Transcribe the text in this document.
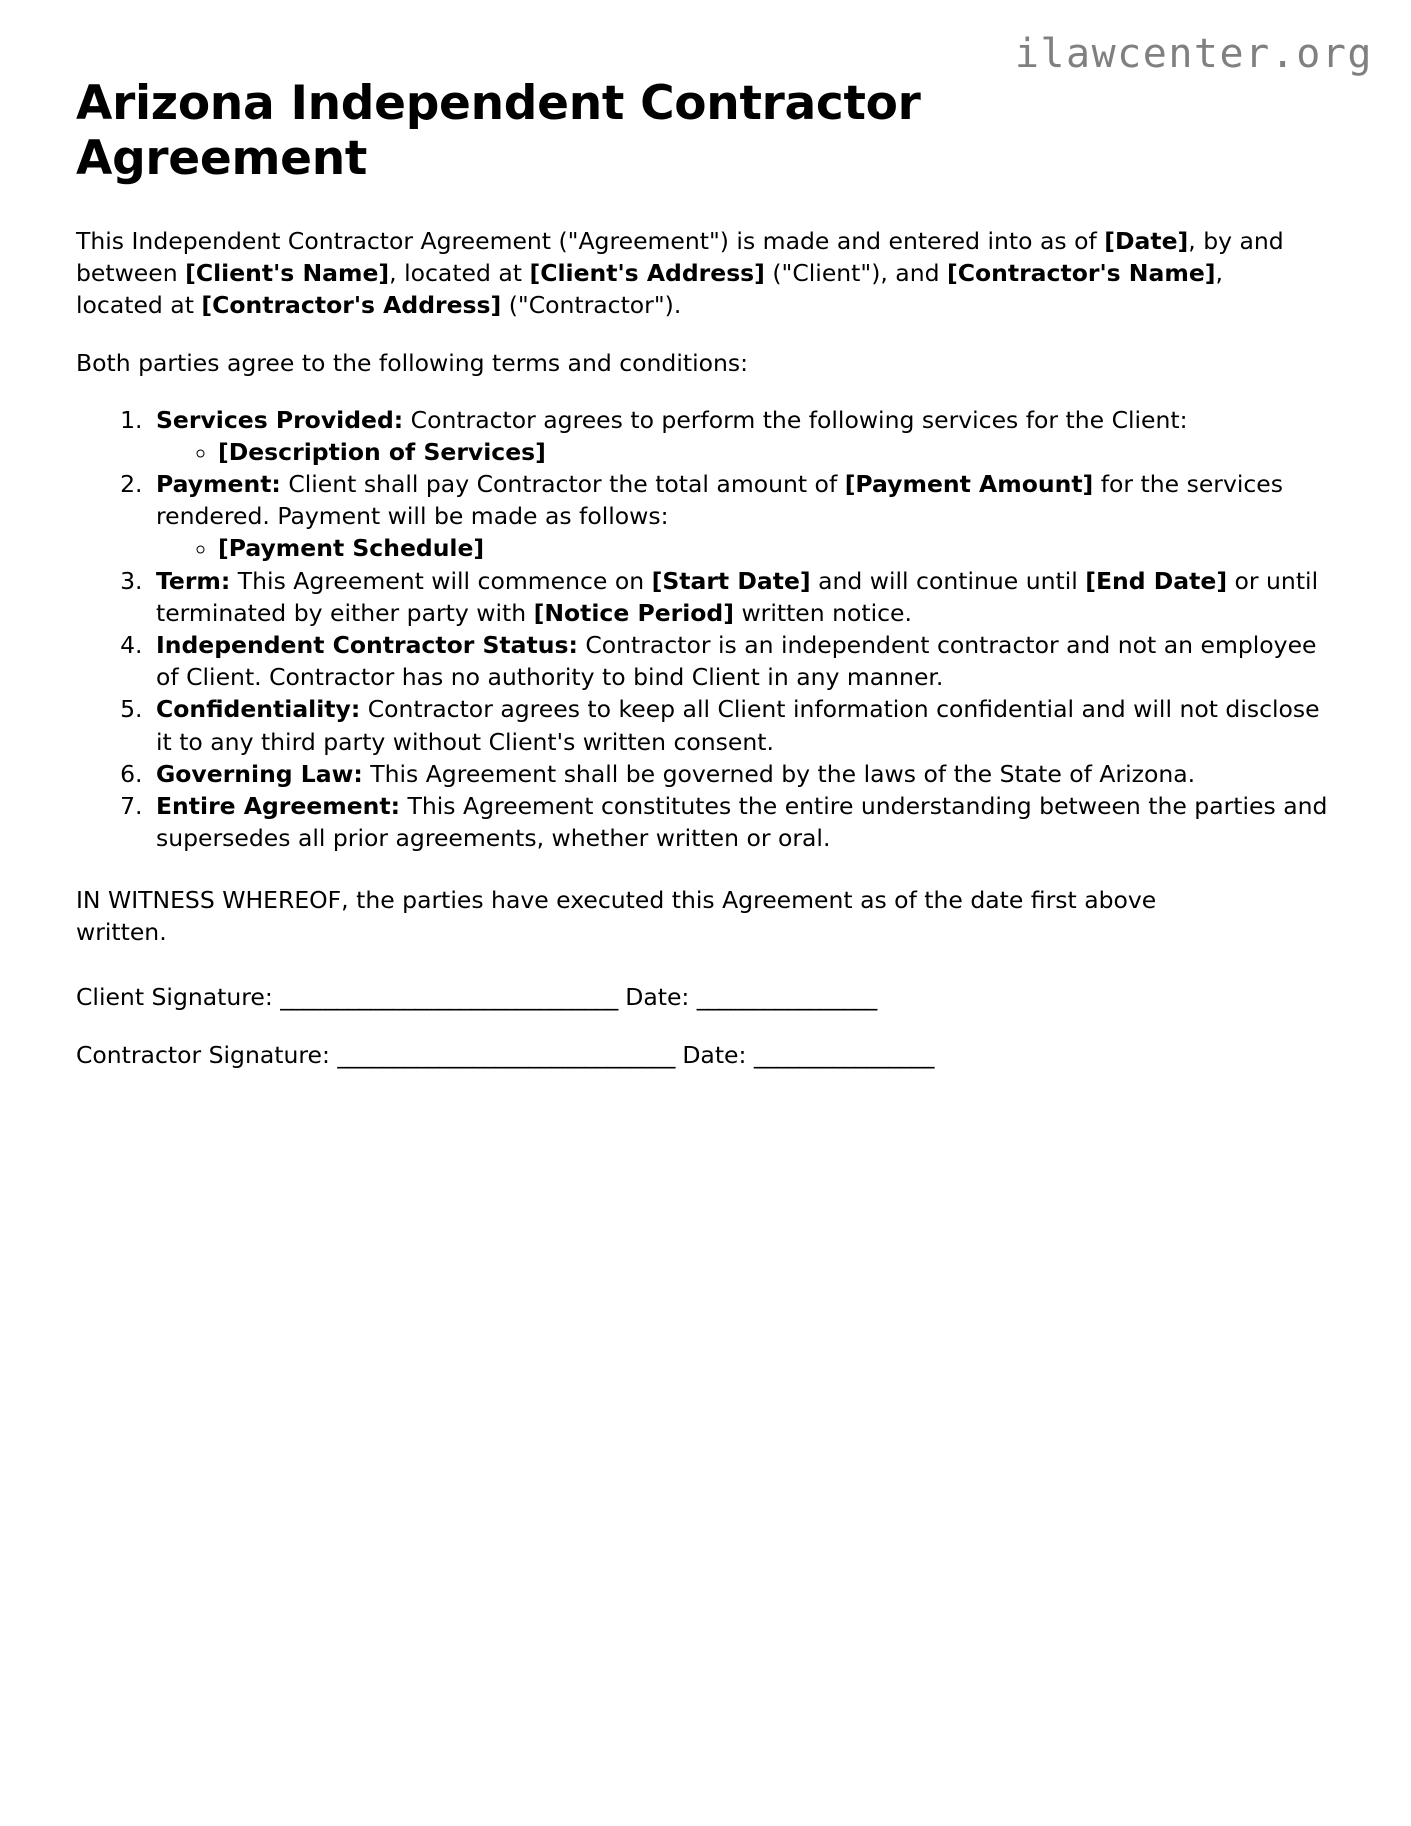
ilawcenter.org
Arizona Independent Contractor Agreement

This Independent Contractor Agreement ("Agreement") is made and entered into as of [Date], by and between [Client's Name], located at [Client's Address] ("Client"), and [Contractor's Name], located at [Contractor's Address] ("Contractor").

Both parties agree to the following terms and conditions:

1. Services Provided: Contractor agrees to perform the following services for the Client:
◦ [Description of Services]
2. Payment: Client shall pay Contractor the total amount of [Payment Amount] for the services rendered. Payment will be made as follows:
◦ [Payment Schedule]
3. Term: This Agreement will commence on [Start Date] and will continue until [End Date] or until terminated by either party with [Notice Period] written notice.
4. Independent Contractor Status: Contractor is an independent contractor and not an employee of Client. Contractor has no authority to bind Client in any manner.
5. Confidentiality: Contractor agrees to keep all Client information confidential and will not disclose it to any third party without Client's written consent.
6. Governing Law: This Agreement shall be governed by the laws of the State of Arizona.
7. Entire Agreement: This Agreement constitutes the entire understanding between the parties and supersedes all prior agreements, whether written or oral.

IN WITNESS WHEREOF, the parties have executed this Agreement as of the date first above written.

Client Signature: ______________________________ Date: ________________

Contractor Signature: ______________________________ Date: ________________
